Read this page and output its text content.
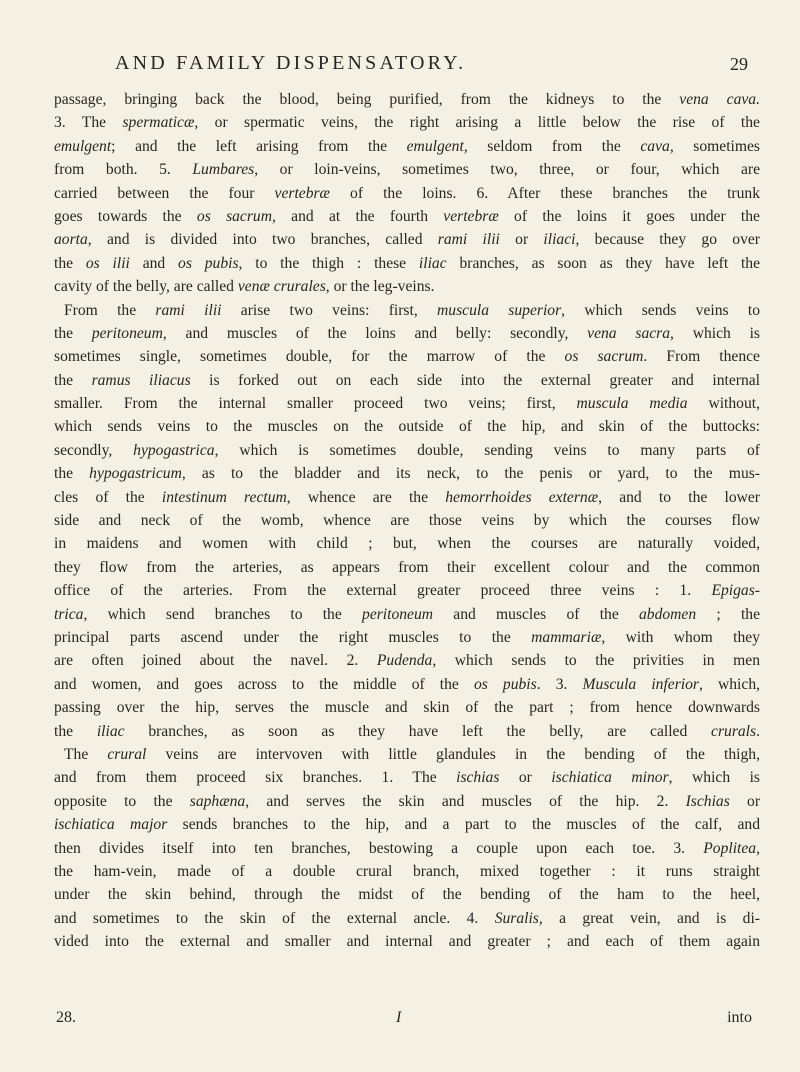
AND FAMILY DISPENSATORY.	29
passage, bringing back the blood, being purified, from the kidneys to the vena cava.
3. The spermaticæ, or spermatic veins, the right arising a little below the rise of the
emulgent; and the left arising from the emulgent, seldom from the cava, sometimes
from both. 5. Lumbares, or loin-veins, sometimes two, three, or four, which are
carried between the four vertebræ of the loins. 6. After these branches the trunk
goes towards the os sacrum, and at the fourth vertebræ of the loins it goes under the
aorta, and is divided into two branches, called rami ilii or iliaci, because they go over
the os ilii and os pubis, to the thigh : these iliac branches, as soon as they have left the
cavity of the belly, are called venæ crurales, or the leg-veins.
From the rami ilii arise two veins: first, musculа superior, which sends veins to
the peritoneum, and muscles of the loins and belly: secondly, vena sacra, which is
sometimes single, sometimes double, for the marrow of the os sacrum. From thence
the ramus iliacus is forked out on each side into the external greater and internal
smaller. From the internal smaller proceed two veins; first, muscula media without,
which sends veins to the muscles on the outside of the hip, and skin of the buttocks:
secondly, hypogastrica, which is sometimes double, sending veins to many parts of
the hypogastricum, as to the bladder and its neck, to the penis or yard, to the mus-
cles of the intestinum rectum, whence are the hemorrhoides externæ, and to the lower
side and neck of the womb, whence are those veins by which the courses flow
in maidens and women with child ; but, when the courses are naturally voided,
they flow from the arteries, as appears from their excellent colour and the common
office of the arteries. From the external greater proceed three veins : 1. Epigas-
trica, which send branches to the peritoneum and muscles of the abdomen ; the
principal parts ascend under the right muscles to the mammariæ, with whom they
are often joined about the navel. 2. Pudenda, which sends to the privities in men
and women, and goes across to the middle of the os pubis. 3. Muscula inferior, which,
passing over the hip, serves the muscle and skin of the part ; from hence downwards
the iliac branches, as soon as they have left the belly, are called crurals.
The crural veins are intervoven with little glandules in the bending of the thigh,
and from them proceed six branches. 1. The ischias or ischiatica minor, which is
opposite to the saphæna, and serves the skin and muscles of the hip. 2. Ischias or
ischiatica major sends branches to the hip, and a part to the muscles of the calf, and
then divides itself into ten branches, bestowing a couple upon each toe. 3. Poplitea,
the ham-vein, made of a double crural branch, mixed together : it runs straight
under the skin behind, through the midst of the bending of the ham to the heel,
and sometimes to the skin of the external ancle. 4. Suralis, a great vein, and is di-
vided into the external and smaller and internal and greater ; and each of them again
28.	I	into
